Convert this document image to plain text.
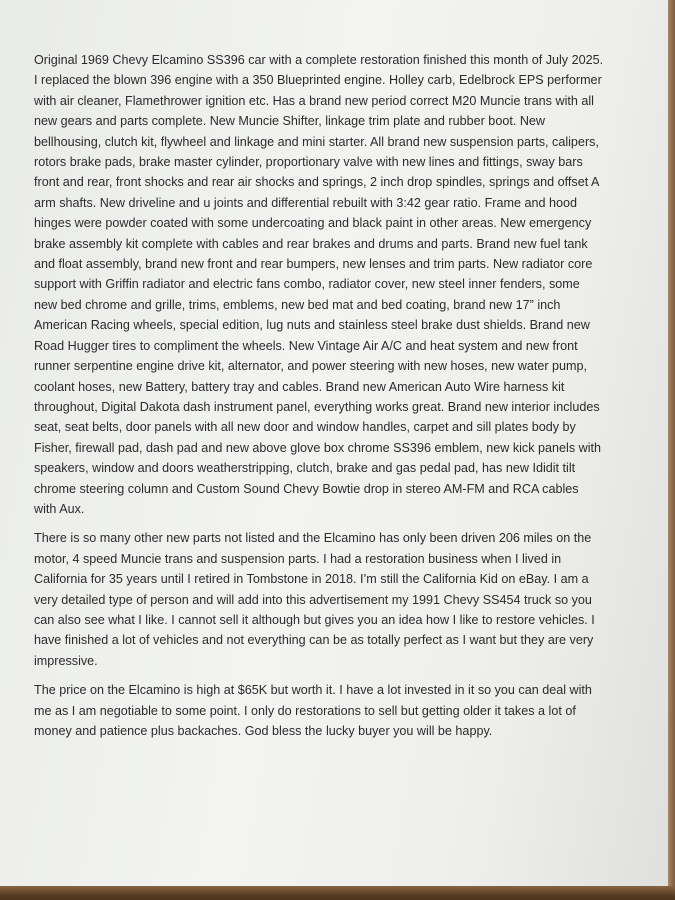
Original 1969 Chevy Elcamino SS396 car with a complete restoration finished this month of July 2025. I replaced the blown 396 engine with a 350 Blueprinted engine. Holley carb, Edelbrock EPS performer with air cleaner, Flamethrower ignition etc. Has a brand new period correct M20 Muncie trans with all new gears and parts complete. New Muncie Shifter, linkage trim plate and rubber boot. New bellhousing, clutch kit, flywheel and linkage and mini starter. All brand new suspension parts, calipers, rotors brake pads, brake master cylinder, proportionary valve with new lines and fittings, sway bars front and rear, front shocks and rear air shocks and springs, 2 inch drop spindles, springs and offset A arm shafts. New driveline and u joints and differential rebuilt with 3:42 gear ratio. Frame and hood hinges were powder coated with some undercoating and black paint in other areas. New emergency brake assembly kit complete with cables and rear brakes and drums and parts. Brand new fuel tank and float assembly, brand new front and rear bumpers, new lenses and trim parts. New radiator core support with Griffin radiator and electric fans combo, radiator cover, new steel inner fenders, some new bed chrome and grille, trims, emblems, new bed mat and bed coating, brand new 17” inch American Racing wheels, special edition, lug nuts and stainless steel brake dust shields. Brand new Road Hugger tires to compliment the wheels. New Vintage Air A/C and heat system and new front runner serpentine engine drive kit, alternator, and power steering with new hoses, new water pump, coolant hoses, new Battery, battery tray and cables. Brand new American Auto Wire harness kit throughout, Digital Dakota dash instrument panel, everything works great. Brand new interior includes seat, seat belts, door panels with all new door and window handles, carpet and sill plates body by Fisher, firewall pad, dash pad and new above glove box chrome SS396 emblem, new kick panels with speakers, window and doors weatherstripping, clutch, brake and gas pedal pad, has new Ididit tilt chrome steering column and Custom Sound Chevy Bowtie drop in stereo AM-FM and RCA cables with Aux.

There is so many other new parts not listed and the Elcamino has only been driven 206 miles on the motor, 4 speed Muncie trans and suspension parts. I had a restoration business when I lived in California for 35 years until I retired in Tombstone in 2018. I’m still the California Kid on eBay. I am a very detailed type of person and will add into this advertisement my 1991 Chevy SS454 truck so you can also see what I like. I cannot sell it although but gives you an idea how I like to restore vehicles. I have finished a lot of vehicles and not everything can be as totally perfect as I want but they are very impressive.

The price on the Elcamino is high at $65K but worth it. I have a lot invested in it so you can deal with me as I am negotiable to some point. I only do restorations to sell but getting older it takes a lot of money and patience plus backaches. God bless the lucky buyer you will be happy.
